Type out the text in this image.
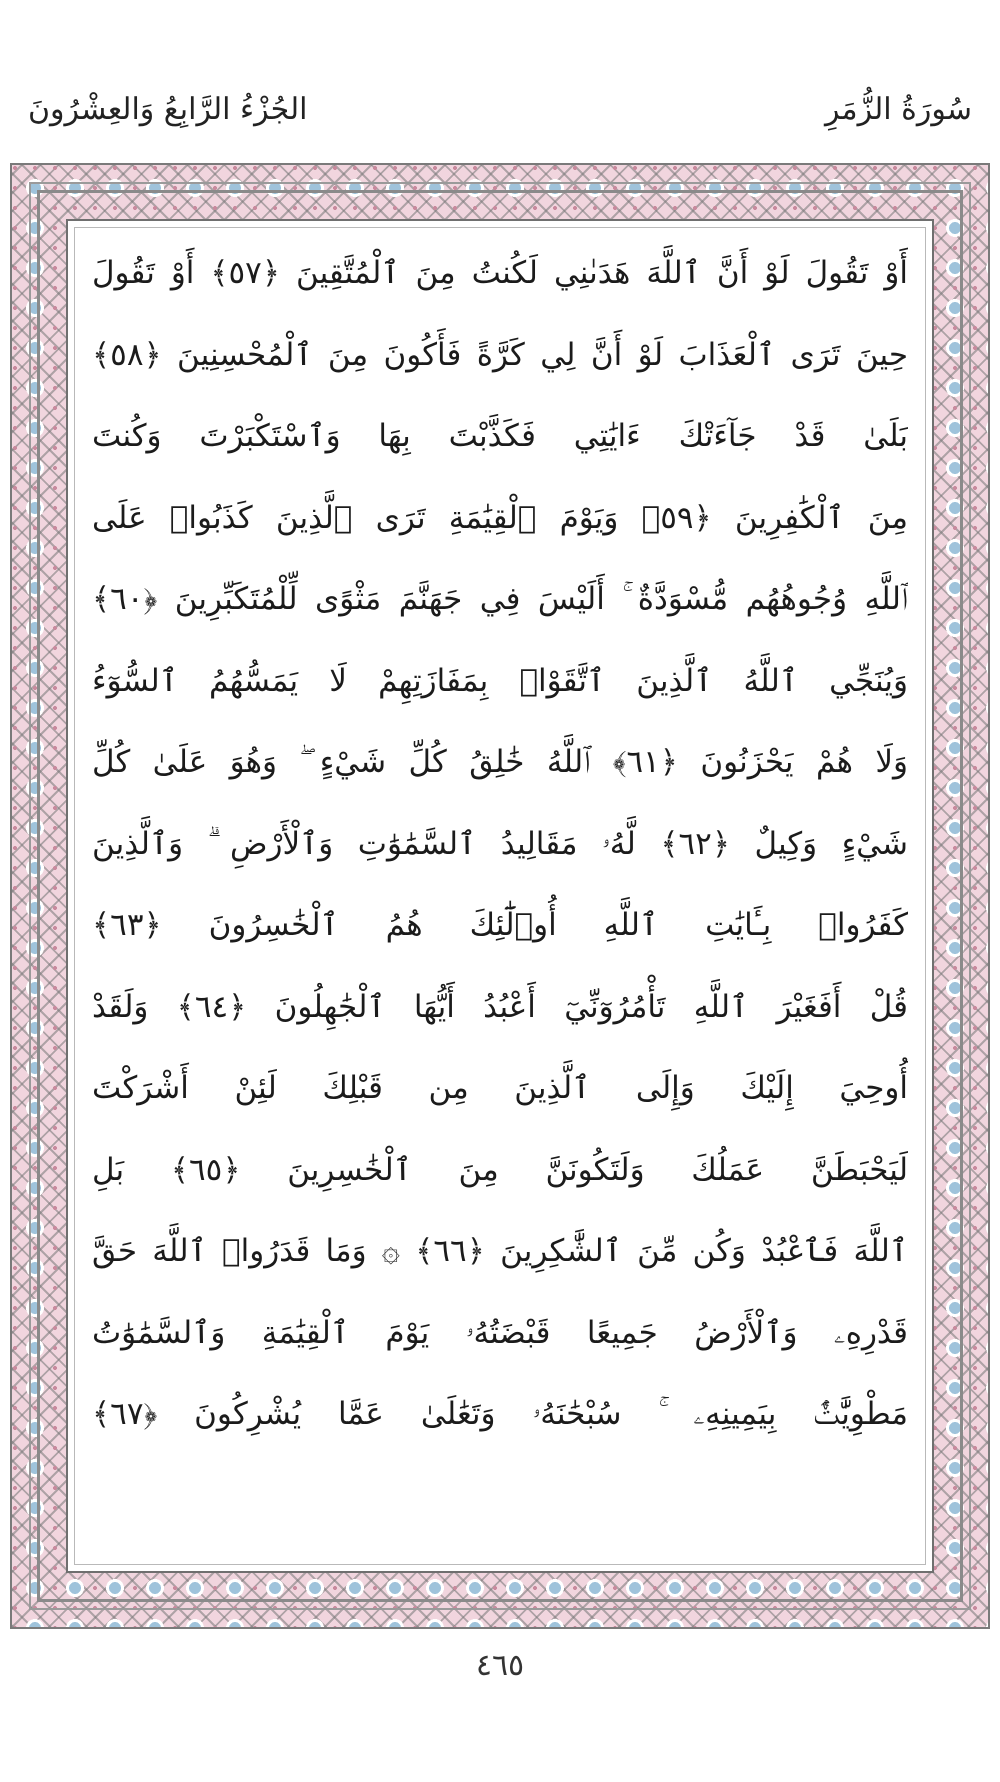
سُورَةُ الزُّمَرِ
الجُزْءُ الرَّابِعُ وَالعِشْرُونَ
أَوْ تَقُولَ لَوْ أَنَّ ٱللَّهَ هَدَىٰنِي لَكُنتُ مِنَ ٱلْمُتَّقِينَ ﴿٥٧﴾ أَوْ تَقُولَ
حِينَ تَرَى ٱلْعَذَابَ لَوْ أَنَّ لِي كَرَّةً فَأَكُونَ مِنَ ٱلْمُحْسِنِينَ ﴿٥٨﴾
بَلَىٰ قَدْ جَآءَتْكَ ءَايَٰتِي فَكَذَّبْتَ بِهَا وَٱسْتَكْبَرْتَ وَكُنتَ
مِنَ ٱلْكَٰفِرِينَ ﴿٥٩﴾ وَيَوْمَ ٱلْقِيَٰمَةِ تَرَى ٱلَّذِينَ كَذَبُوا۟ عَلَى
ٱللَّهِ وُجُوهُهُم مُّسْوَدَّةٌ ۚ أَلَيْسَ فِي جَهَنَّمَ مَثْوًى لِّلْمُتَكَبِّرِينَ ﴿٦٠﴾
وَيُنَجِّي ٱللَّهُ ٱلَّذِينَ ٱتَّقَوْا۟ بِمَفَازَتِهِمْ لَا يَمَسُّهُمُ ٱلسُّوٓءُ
وَلَا هُمْ يَحْزَنُونَ ﴿٦١﴾ ٱللَّهُ خَٰلِقُ كُلِّ شَيْءٍ ۖ وَهُوَ عَلَىٰ كُلِّ
شَيْءٍ وَكِيلٌ ﴿٦٢﴾ لَّهُۥ مَقَالِيدُ ٱلسَّمَٰوَٰتِ وَٱلْأَرْضِ ۗ وَٱلَّذِينَ
كَفَرُوا۟ بِـَٔايَٰتِ ٱللَّهِ أُو۟لَٰٓئِكَ هُمُ ٱلْخَٰسِرُونَ ﴿٦٣﴾
قُلْ أَفَغَيْرَ ٱللَّهِ تَأْمُرُوٓنِّيٓ أَعْبُدُ أَيُّهَا ٱلْجَٰهِلُونَ ﴿٦٤﴾ وَلَقَدْ
أُوحِيَ إِلَيْكَ وَإِلَى ٱلَّذِينَ مِن قَبْلِكَ لَئِنْ أَشْرَكْتَ
لَيَحْبَطَنَّ عَمَلُكَ وَلَتَكُونَنَّ مِنَ ٱلْخَٰسِرِينَ ﴿٦٥﴾ بَلِ
ٱللَّهَ فَٱعْبُدْ وَكُن مِّنَ ٱلشَّٰكِرِينَ ﴿٦٦﴾ ۞ وَمَا قَدَرُوا۟ ٱللَّهَ حَقَّ
قَدْرِهِۦ وَٱلْأَرْضُ جَمِيعًا قَبْضَتُهُۥ يَوْمَ ٱلْقِيَٰمَةِ وَٱلسَّمَٰوَٰتُ
مَطْوِيَّٰتٌۢ بِيَمِينِهِۦ ۚ سُبْحَٰنَهُۥ وَتَعَٰلَىٰ عَمَّا يُشْرِكُونَ ﴿٦٧﴾
٤٦٥
